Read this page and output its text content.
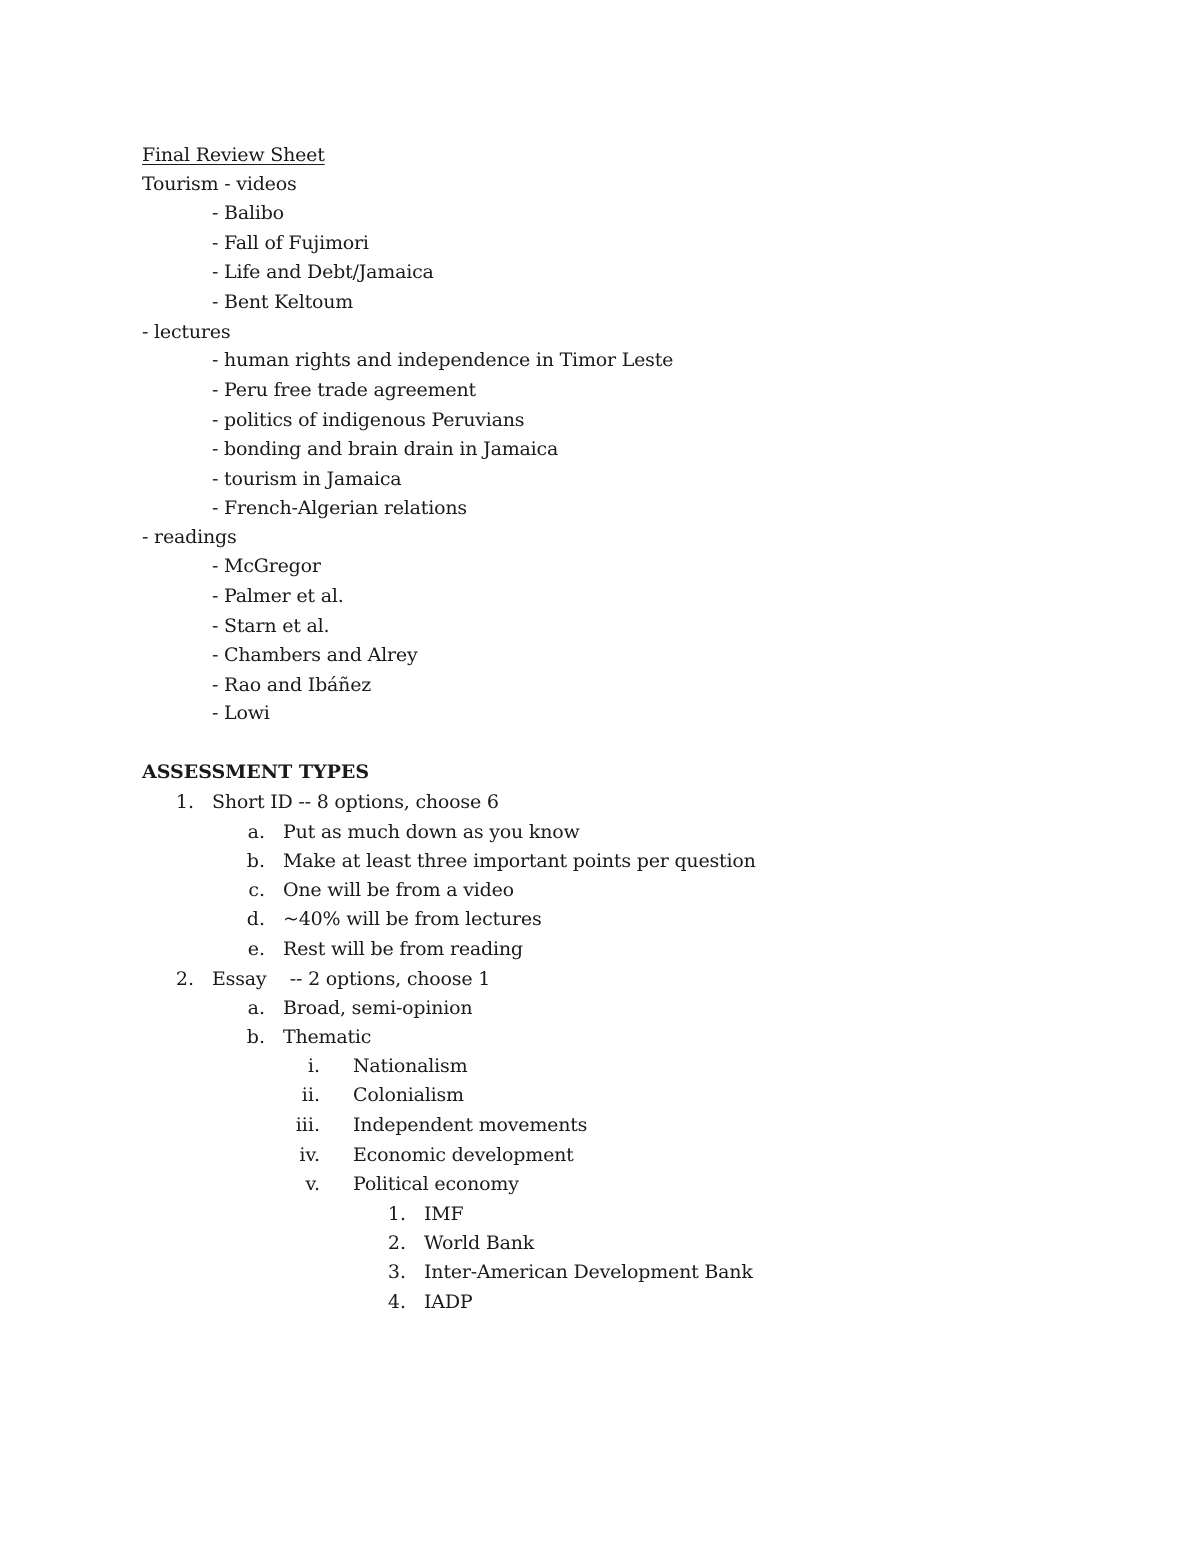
Final Review Sheet
Tourism - videos
- Balibo
- Fall of Fujimori
- Life and Debt/Jamaica
- Bent Keltoum
- lectures
- human rights and independence in Timor Leste
- Peru free trade agreement
- politics of indigenous Peruvians
- bonding and brain drain in Jamaica
- tourism in Jamaica
- French-Algerian relations
- readings
- McGregor
- Palmer et al.
- Starn et al.
- Chambers and Alrey
- Rao and Ibáñez
- Lowi
ASSESSMENT TYPES
1. Short ID -- 8 options, choose 6
a. Put as much down as you know
b. Make at least three important points per question
c. One will be from a video
d. ~40% will be from lectures
e. Rest will be from reading
2. Essay    -- 2 options, choose 1
a. Broad, semi-opinion
b. Thematic
i. Nationalism
ii. Colonialism
iii. Independent movements
iv. Economic development
v. Political economy
1. IMF
2. World Bank
3. Inter-American Development Bank
4. IADP
